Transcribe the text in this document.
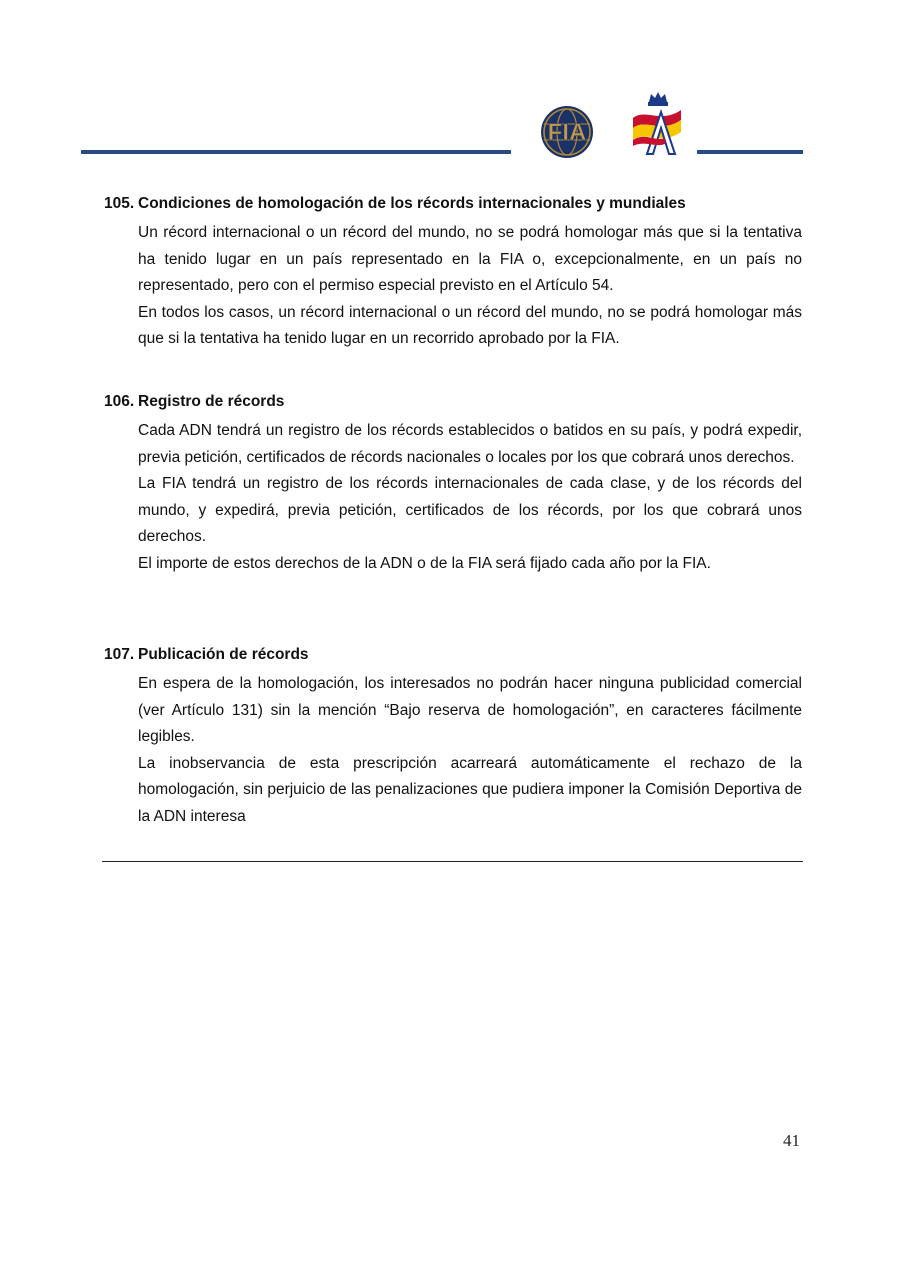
FIA
105. Condiciones de homologación de los récords internacionales y mundiales

Un récord internacional o un récord del mundo, no se podrá homologar más que si la tentativa ha tenido lugar en un país representado en la FIA o, excepcionalmente, en un país no representado, pero con el permiso especial previsto en el Artículo 54.

En todos los casos, un récord internacional o un récord del mundo, no se podrá homologar más que si la tentativa ha tenido lugar en un recorrido aprobado por la FIA.

106. Registro de récords

Cada ADN tendrá un registro de los récords establecidos o batidos en su país, y podrá expedir, previa petición, certificados de récords nacionales o locales por los que cobrará unos derechos.

La FIA tendrá un registro de los récords internacionales de cada clase, y de los récords del mundo, y expedirá, previa petición, certificados de los récords, por los que cobrará unos derechos.

El importe de estos derechos de la ADN o de la FIA será fijado cada año por la FIA.

107. Publicación de récords

En espera de la homologación, los interesados no podrán hacer ninguna publicidad comercial (ver Artículo 131) sin la mención “Bajo reserva de homologación”, en caracteres fácilmente legibles.

La inobservancia de esta prescripción acarreará automáticamente el rechazo de la homologación, sin perjuicio de las penalizaciones que pudiera imponer la Comisión Deportiva de la ADN interesa

41
